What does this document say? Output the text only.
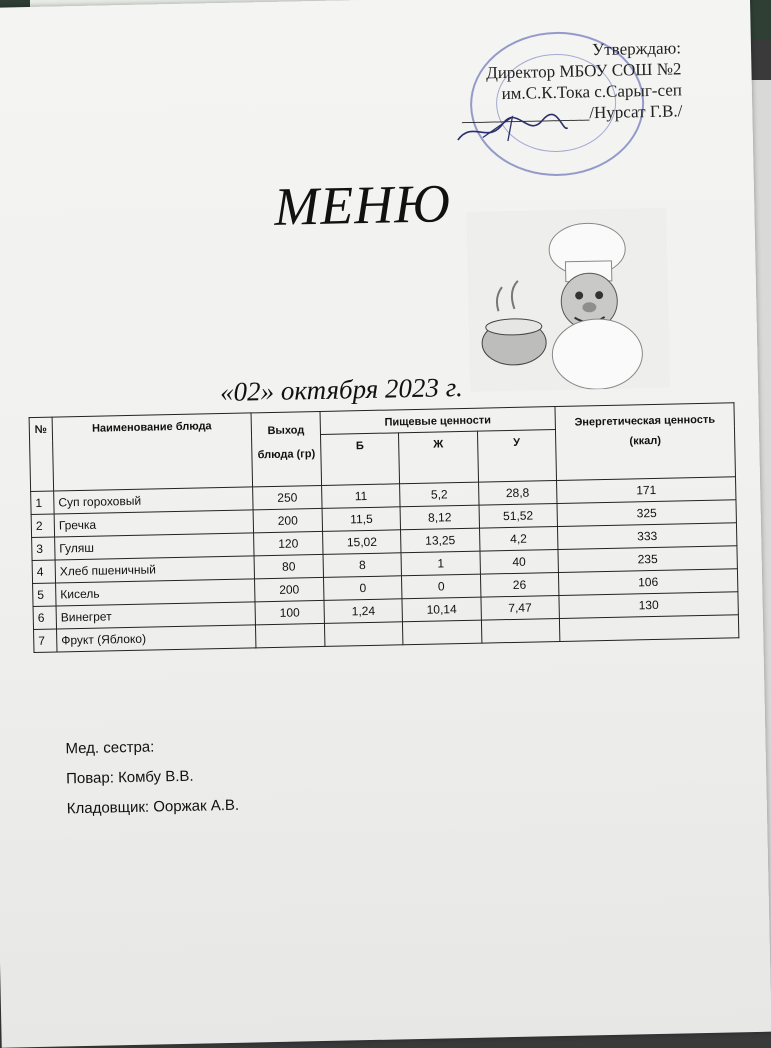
Утверждаю:
Директор МБОУ СОШ №2
им.С.К.Тока с.Сарыг-сеп
_______________/Нурсат Г.В./
МЕНЮ
«02» октября 2023 г.
№	Наименование блюда	Выход блюда (гр)	Пищевые ценности			Энергетическая ценность (ккал)
			Б	Ж	У	
1	Суп гороховый	250	11	5,2	28,8	171
2	Гречка	200	11,5	8,12	51,52	325
3	Гуляш	120	15,02	13,25	4,2	333
4	Хлеб пшеничный	80	8	1	40	235
5	Кисель	200	0	0	26	106
6	Винегрет	100	1,24	10,14	7,47	130
7	Фрукт (Яблоко)					
Мед. сестра:
Повар: Комбу В.В.
Кладовщик: Ооржак А.В.
